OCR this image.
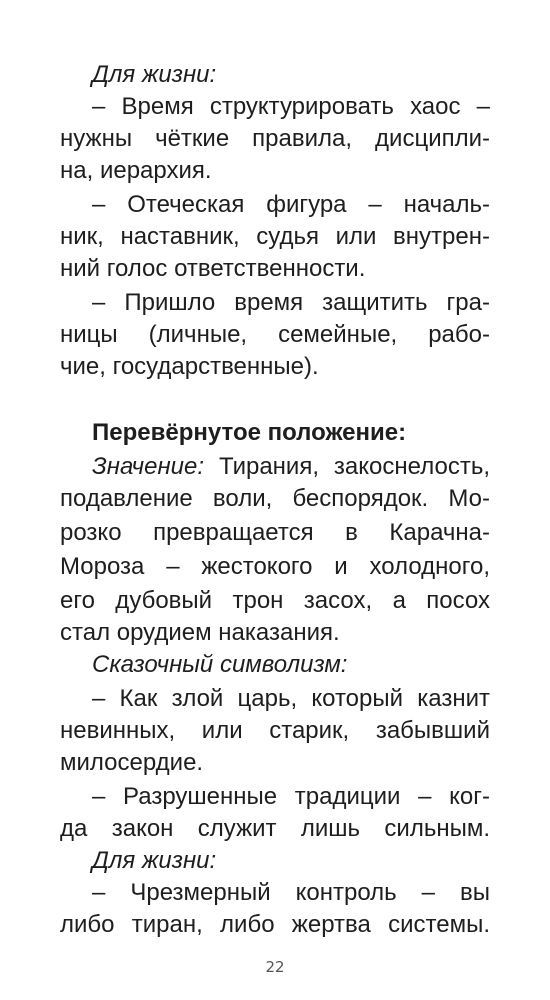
Для жизни:
– Время структурировать хаос –
нужны чёткие правила, дисципли-
на, иерархия.
– Отеческая фигура – началь-
ник, наставник, судья или внутрен-
ний голос ответственности.
– Пришло время защитить гра-
ницы (личные, семейные, рабо-
чие, государственные).
Перевёрнутое положение:
Значение: Тирания, закоснелость,
подавление воли, беспорядок. Мо-
розко превращается в Карачна-
Мороза – жестокого и холодного,
его дубовый трон засох, а посох
стал орудием наказания.
Сказочный символизм:
– Как злой царь, который казнит
невинных, или старик, забывший
милосердие.
– Разрушенные традиции – ког-
да закон служит лишь сильным.
Для жизни:
– Чрезмерный контроль – вы
либо тиран, либо жертва системы.
22
